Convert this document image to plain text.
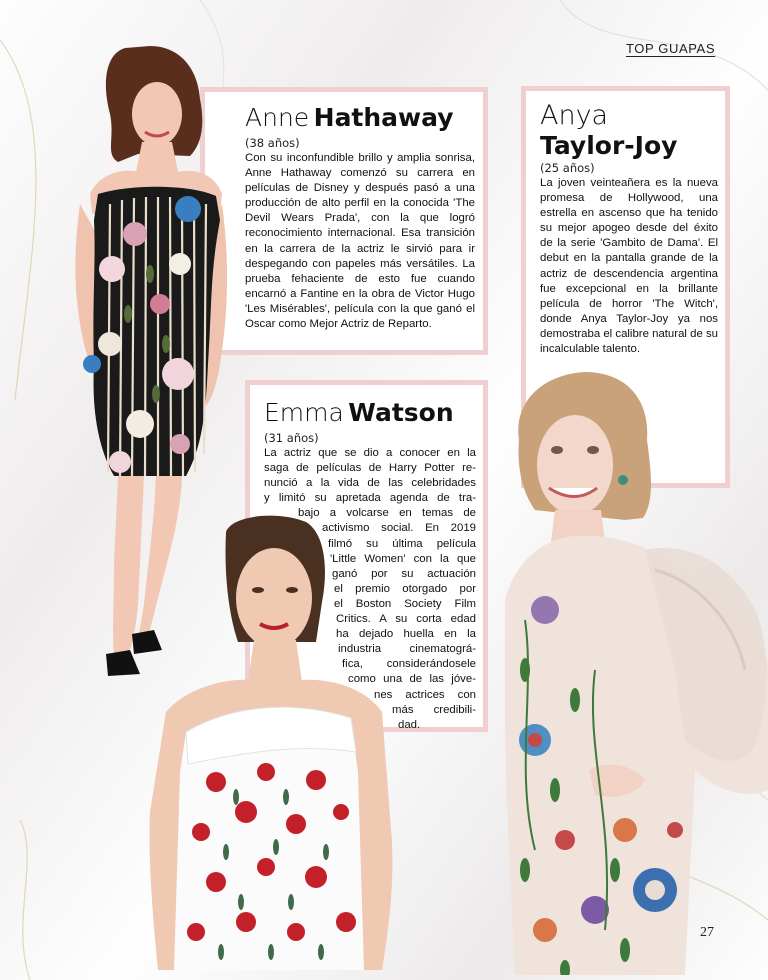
TOP GUAPAS
Anne Hathaway
(38 años)

Con su inconfundible brillo y amplia sonrisa, Anne Hathaway comenzó su carrera en películas de Disney y después pasó a una producción de alto perfil en la conocida 'The Devil Wears Prada', con la que logró reconocimiento internacional. Esa transición en la carrera de la actriz le sirvió para ir despegando con papeles más versátiles. La prueba fehaciente de esto fue cuando encarnó a Fantine en la obra de Victor Hugo 'Les Misérables', película con la que ganó el Oscar como Mejor Actriz de Reparto.

Anya
Taylor-Joy
(25 años)

La joven veinteañera es la nueva promesa de Hollywood, una estrella en ascenso que ha tenido su mejor apogeo desde del éxito de la serie 'Gambito de Dama'. El debut en la pantalla grande de la actriz de descendencia argentina fue excepcional en la brillante película de horror 'The Witch', donde Anya Taylor-Joy ya nos demostraba el calibre natural de su incalculable talento.

Emma Watson
(31 años)
La actriz que se dio a conocer en la
saga de películas de Harry Potter re-
nunció a la vida de las celebridades
y limitó su apretada agenda de tra-
bajo a volcarse en temas de
activismo social. En 2019
filmó su última película
'Little Women' con la que
ganó por su actuación
el premio otorgado por
el Boston Society Film
Critics. A su corta edad
ha dejado huella en la
industria cinematográ-
fica, considerándosele
como una de las jóve-
nes actrices con
más credibili-
dad.
27
